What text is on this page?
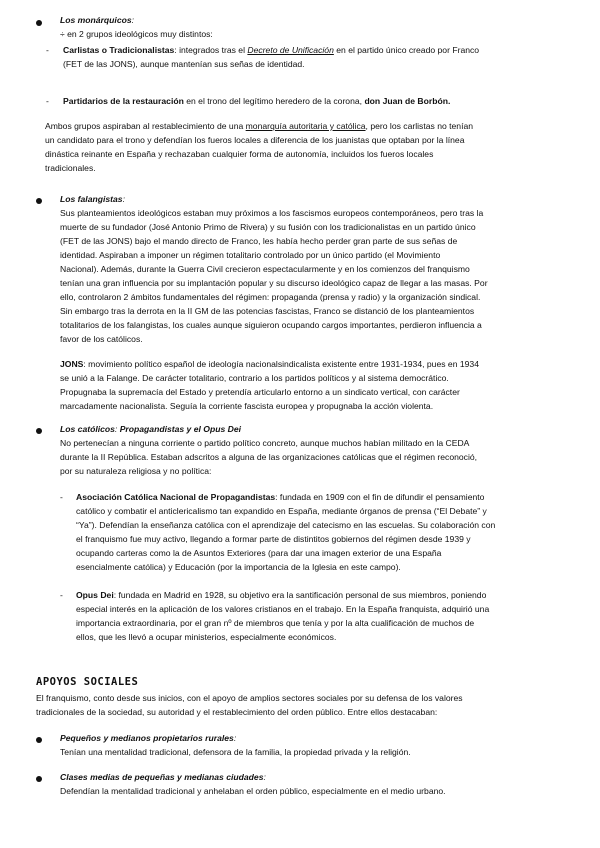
Los monárquicos:

÷ en 2 grupos ideológicos muy distintos:

- Carlistas o Tradicionalistas: integrados tras el Decreto de Unificación en el partido único creado por Franco

(FET de las JONS), aunque mantenían sus señas de identidad.

- Partidarios de la restauración en el trono del legítimo heredero de la corona, don Juan de Borbón.

Ambos grupos aspiraban al restablecimiento de una monarquía autoritaria y católica, pero los carlistas no tenían

un candidato para el trono y defendían los fueros locales a diferencia de los juanistas que optaban por la línea

dinástica reinante en España y rechazaban cualquier forma de autonomía, incluidos los fueros locales

tradicionales.

Los falangistas:

Sus planteamientos ideológicos estaban muy próximos a los fascismos europeos contemporáneos, pero tras la

muerte de su fundador (José Antonio Primo de Rivera) y su fusión con los tradicionalistas en un partido único

(FET de las JONS) bajo el mando directo de Franco, les había hecho perder gran parte de sus señas de

identidad. Aspiraban a imponer un régimen totalitario controlado por un único partido (el Movimiento

Nacional). Además, durante la Guerra Civil crecieron espectacularmente y en los comienzos del franquismo

tenían una gran influencia por su implantación popular y su discurso ideológico capaz de llegar a las masas. Por

ello, controlaron 2 ámbitos fundamentales del régimen: propaganda (prensa y radio) y la organización sindical.

Sin embargo tras la derrota en la II GM de las potencias fascistas, Franco se distanció de los planteamientos

totalitarios de los falangistas, los cuales aunque siguieron ocupando cargos importantes, perdieron influencia a

favor de los católicos.

JONS: movimiento político español de ideología nacionalsindicalista existente entre 1931-1934, pues en 1934

se unió a la Falange. De carácter totalitario, contrario a los partidos políticos y al sistema democrático.

Propugnaba la supremacía del Estado y pretendía articularlo entorno a un sindicato vertical, con carácter

marcadamente nacionalista. Seguía la corriente fascista europea y propugnaba la acción violenta.

Los católicos: Propagandistas y el Opus Dei

No pertenecían a ninguna corriente o partido político concreto, aunque muchos habían militado en la CEDA

durante la II República. Estaban adscritos a alguna de las organizaciones católicas que el régimen reconoció,

por su naturaleza religiosa y no política:

- Asociación Católica Nacional de Propagandistas: fundada en 1909 con el fin de difundir el pensamiento

católico y combatir el anticlericalismo tan expandido en España, mediante órganos de prensa (“El Debate” y

“Ya”). Defendían la enseñanza católica con el aprendizaje del catecismo en las escuelas. Su colaboración con

el franquismo fue muy activo, llegando a formar parte de distintitos gobiernos del régimen desde 1939 y

ocupando carteras como la de Asuntos Exteriores (para dar una imagen exterior de una España

esencialmente católica) y Educación (por la importancia de la Iglesia en este campo).

- Opus Dei: fundada en Madrid en 1928, su objetivo era la santificación personal de sus miembros, poniendo

especial interés en la aplicación de los valores cristianos en el trabajo. En la España franquista, adquirió una

importancia extraordinaria, por el gran nº de miembros que tenía y por la alta cualificación de muchos de

ellos, que les llevó a ocupar ministerios, especialmente económicos.

APOYOS SOCIALES

El franquismo, conto desde sus inicios, con el apoyo de amplios sectores sociales por su defensa de los valores

tradicionales de la sociedad, su autoridad y el restablecimiento del orden público. Entre ellos destacaban:

Pequeños y medianos propietarios rurales:

Tenían una mentalidad tradicional, defensora de la familia, la propiedad privada y la religión.

Clases medias de pequeñas y medianas ciudades:

Defendían la mentalidad tradicional y anhelaban el orden público, especialmente en el medio urbano.
